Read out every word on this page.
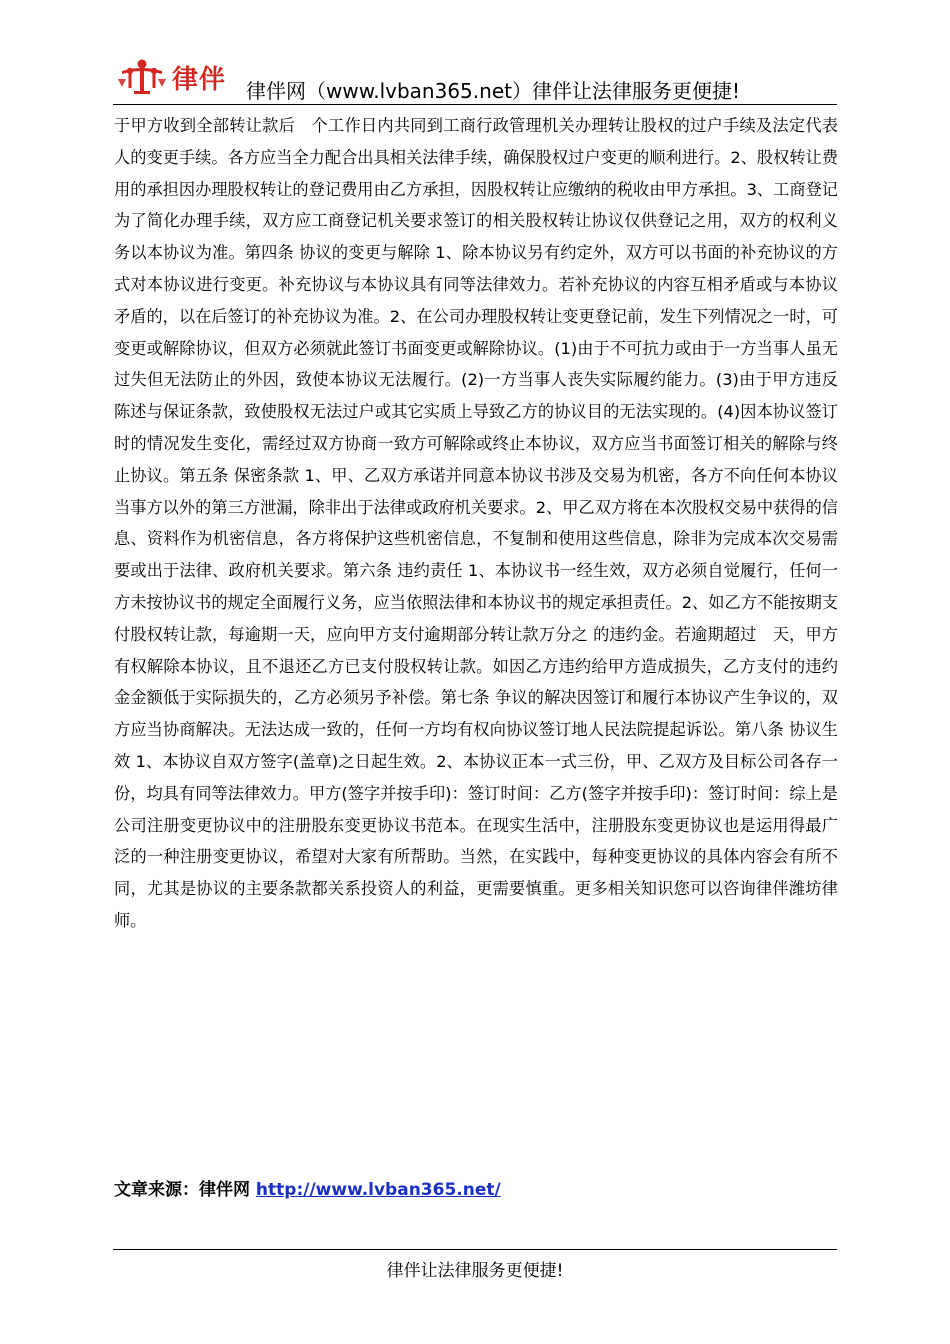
律伴 律伴网（www.lvban365.net）律伴让法律服务更便捷!

于甲方收到全部转让款后　个工作日内共同到工商行政管理机关办理转让股权的过户手续及法定代表人的变更手续。各方应当全力配合出具相关法律手续，确保股权过户变更的顺利进行。2、股权转让费用的承担因办理股权转让的登记费用由乙方承担，因股权转让应缴纳的税收由甲方承担。3、工商登记为了简化办理手续，双方应工商登记机关要求签订的相关股权转让协议仅供登记之用，双方的权利义务以本协议为准。第四条 协议的变更与解除 1、除本协议另有约定外，双方可以书面的补充协议的方式对本协议进行变更。补充协议与本协议具有同等法律效力。若补充协议的内容互相矛盾或与本协议矛盾的，以在后签订的补充协议为准。2、在公司办理股权转让变更登记前，发生下列情况之一时，可变更或解除协议，但双方必须就此签订书面变更或解除协议。(1)由于不可抗力或由于一方当事人虽无过失但无法防止的外因，致使本协议无法履行。(2)一方当事人丧失实际履约能力。(3)由于甲方违反陈述与保证条款，致使股权无法过户或其它实质上导致乙方的协议目的无法实现的。(4)因本协议签订时的情况发生变化，需经过双方协商一致方可解除或终止本协议，双方应当书面签订相关的解除与终止协议。第五条 保密条款 1、甲、乙双方承诺并同意本协议书涉及交易为机密，各方不向任何本协议当事方以外的第三方泄漏，除非出于法律或政府机关要求。2、甲乙双方将在本次股权交易中获得的信息、资料作为机密信息，各方将保护这些机密信息，不复制和使用这些信息，除非为完成本次交易需要或出于法律、政府机关要求。第六条 违约责任 1、本协议书一经生效，双方必须自觉履行，任何一方未按协议书的规定全面履行义务，应当依照法律和本协议书的规定承担责任。2、如乙方不能按期支付股权转让款，每逾期一天，应向甲方支付逾期部分转让款万分之 的违约金。若逾期超过　天，甲方有权解除本协议，且不退还乙方已支付股权转让款。如因乙方违约给甲方造成损失，乙方支付的违约金金额低于实际损失的，乙方必须另予补偿。第七条 争议的解决因签订和履行本协议产生争议的，双方应当协商解决。无法达成一致的，任何一方均有权向协议签订地人民法院提起诉讼。第八条 协议生效 1、本协议自双方签字(盖章)之日起生效。2、本协议正本一式三份，甲、乙双方及目标公司各存一份，均具有同等法律效力。甲方(签字并按手印)：签订时间：乙方(签字并按手印)：签订时间：综上是公司注册变更协议中的注册股东变更协议书范本。在现实生活中，注册股东变更协议也是运用得最广泛的一种注册变更协议，希望对大家有所帮助。当然，在实践中，每种变更协议的具体内容会有所不同，尤其是协议的主要条款都关系投资人的利益，更需要慎重。更多相关知识您可以咨询律伴潍坊律师。

文章来源：律伴网 http://www.lvban365.net/
律伴让法律服务更便捷!
